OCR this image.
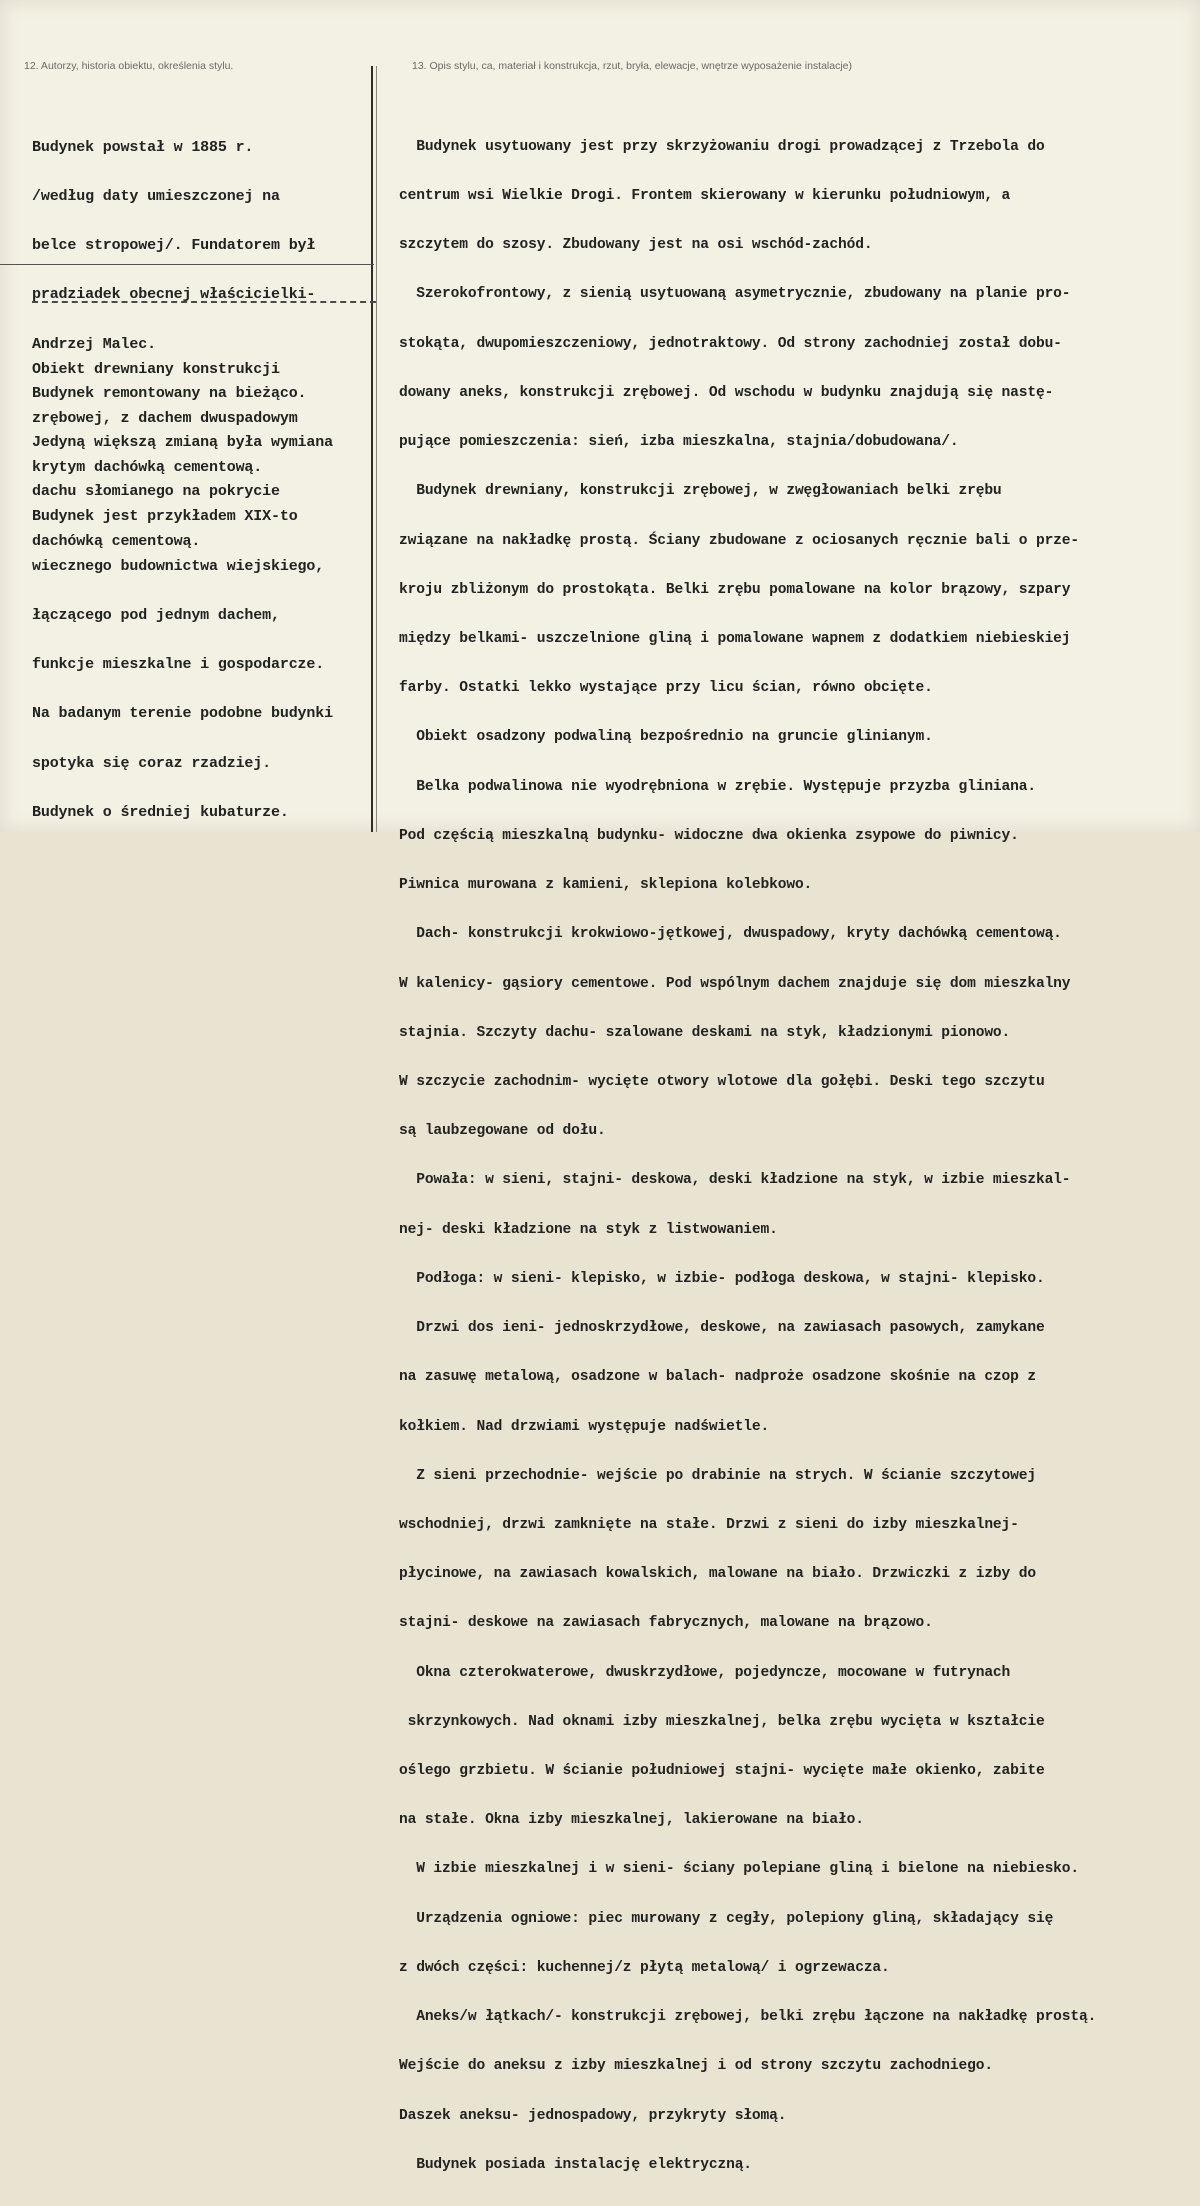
12. Autorzy, historia obiektu, określenia stylu.	13. Opis stylu, ca, materiał i konstrukcja, rzut, bryła, elewacje, wnętrze wyposażenie instalacje)

Budynek powstał w 1885 r.

/według daty umieszczonej na

belce stropowej/. Fundatorem był

pradziadek obecnej właścicielki-

Andrzej Malec.

Budynek remontowany na bieżąco.

Jedyną większą zmianą była wymiana

dachu słomianego na pokrycie

dachówką cementową.

Obiekt drewniany konstrukcji

zrębowej, z dachem dwuspadowym

krytym dachówką cementową.

Budynek jest przykładem XIX-to

wiecznego budownictwa wiejskiego,

łączącego pod jednym dachem,

funkcje mieszkalne i gospodarcze.

Na badanym terenie podobne budynki

spotyka się coraz rzadziej.

Budynek o średniej kubaturze.

Budynek usytuowany jest przy skrzyżowaniu drogi prowadzącej z Trzebola do

centrum wsi Wielkie Drogi. Frontem skierowany w kierunku południowym, a

szczytem do szosy. Zbudowany jest na osi wschód-zachód.

Szerokofrontowy, z sienią usytuowaną asymetrycznie, zbudowany na planie pro-

stokąta, dwupomieszczeniowy, jednotraktowy. Od strony zachodniej został dobu-

dowany aneks, konstrukcji zrębowej. Od wschodu w budynku znajdują się nastę-

pujące pomieszczenia: sień, izba mieszkalna, stajnia/dobudowana/.

Budynek drewniany, konstrukcji zrębowej, w zwęgłowaniach belki zrębu

związane na nakładkę prostą. Ściany zbudowane z ociosanych ręcznie bali o prze-

kroju zbliżonym do prostokąta. Belki zrębu pomalowane na kolor brązowy, szpary

między belkami- uszczelnione gliną i pomalowane wapnem z dodatkiem niebieskiej

farby. Ostatki lekko wystające przy licu ścian, równo obcięte.

Obiekt osadzony podwaliną bezpośrednio na gruncie glinianym.

Belka podwalinowa nie wyodrębniona w zrębie. Występuje przyzba gliniana.

Pod częścią mieszkalną budynku- widoczne dwa okienka zsypowe do piwnicy.

Piwnica murowana z kamieni, sklepiona kolebkowo.

Dach- konstrukcji krokwiowo-jętkowej, dwuspadowy, kryty dachówką cementową.

W kalenicy- gąsiory cementowe. Pod wspólnym dachem znajduje się dom mieszkalny

stajnia. Szczyty dachu- szalowane deskami na styk, kładzionymi pionowo.

W szczycie zachodnim- wycięte otwory wlotowe dla gołębi. Deski tego szczytu

są laubzegowane od dołu.

Powała: w sieni, stajni- deskowa, deski kładzione na styk, w izbie mieszkal-

nej- deski kładzione na styk z listwowaniem.

Podłoga: w sieni- klepisko, w izbie- podłoga deskowa, w stajni- klepisko.

Drzwi dos ieni- jednoskrzydłowe, deskowe, na zawiasach pasowych, zamykane

na zasuwę metalową, osadzone w balach- nadproże osadzone skośnie na czop z

kołkiem. Nad drzwiami występuje nadświetle.

Z sieni przechodnie- wejście po drabinie na strych. W ścianie szczytowej

wschodniej, drzwi zamknięte na stałe. Drzwi z sieni do izby mieszkalnej-

płycinowe, na zawiasach kowalskich, malowane na biało. Drzwiczki z izby do

stajni- deskowe na zawiasach fabrycznych, malowane na brązowo.

Okna czterokwaterowe, dwuskrzydłowe, pojedyncze, mocowane w futrynach

skrzynkowych. Nad oknami izby mieszkalnej, belka zrębu wycięta w kształcie

oślego grzbietu. W ścianie południowej stajni- wycięte małe okienko, zabite

na stałe. Okna izby mieszkalnej, lakierowane na biało.

W izbie mieszkalnej i w sieni- ściany polepiane gliną i bielone na niebiesko.

Urządzenia ogniowe: piec murowany z cegły, polepiony gliną, składający się

z dwóch części: kuchennej/z płytą metalową/ i ogrzewacza.

Aneks/w łątkach/- konstrukcji zrębowej, belki zrębu łączone na nakładkę prostą.

Wejście do aneksu z izby mieszkalnej i od strony szczytu zachodniego.

Daszek aneksu- jednospadowy, przykryty słomą.

Budynek posiada instalację elektryczną.
